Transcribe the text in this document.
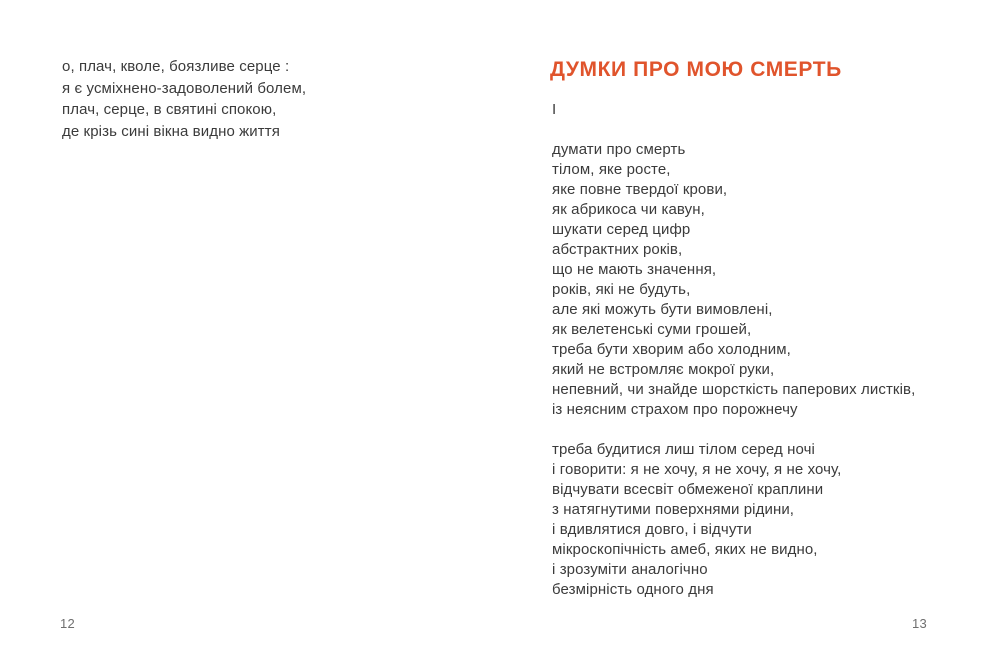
о, плач, кволе, боязливе серце :
я є усміхнено-задоволений болем,
плач, серце, в святині спокою,
де крізь сині вікна видно життя
12
ДУМКИ ПРО МОЮ СМЕРТЬ
І
думати про смерть
тілом, яке росте,
яке повне твердої крови,
як абрикоса чи кавун,
шукати серед цифр
абстрактних років,
що не мають значення,
років, які не будуть,
але які можуть бути вимовлені,
як велетенські суми грошей,
треба бути хворим або холодним,
який не встромляє мокрої руки,
непевний, чи знайде шорсткість паперових листків,
із неясним страхом про порожнечу
треба будитися лиш тілом серед ночі
і говорити: я не хочу, я не хочу, я не хочу,
відчувати всесвіт обмеженої краплини
з натягнутими поверхнями рідини,
і вдивлятися довго, і відчути
мікроскопічність амеб, яких не видно,
і зрозуміти аналогічно
безмірність одного дня
13
